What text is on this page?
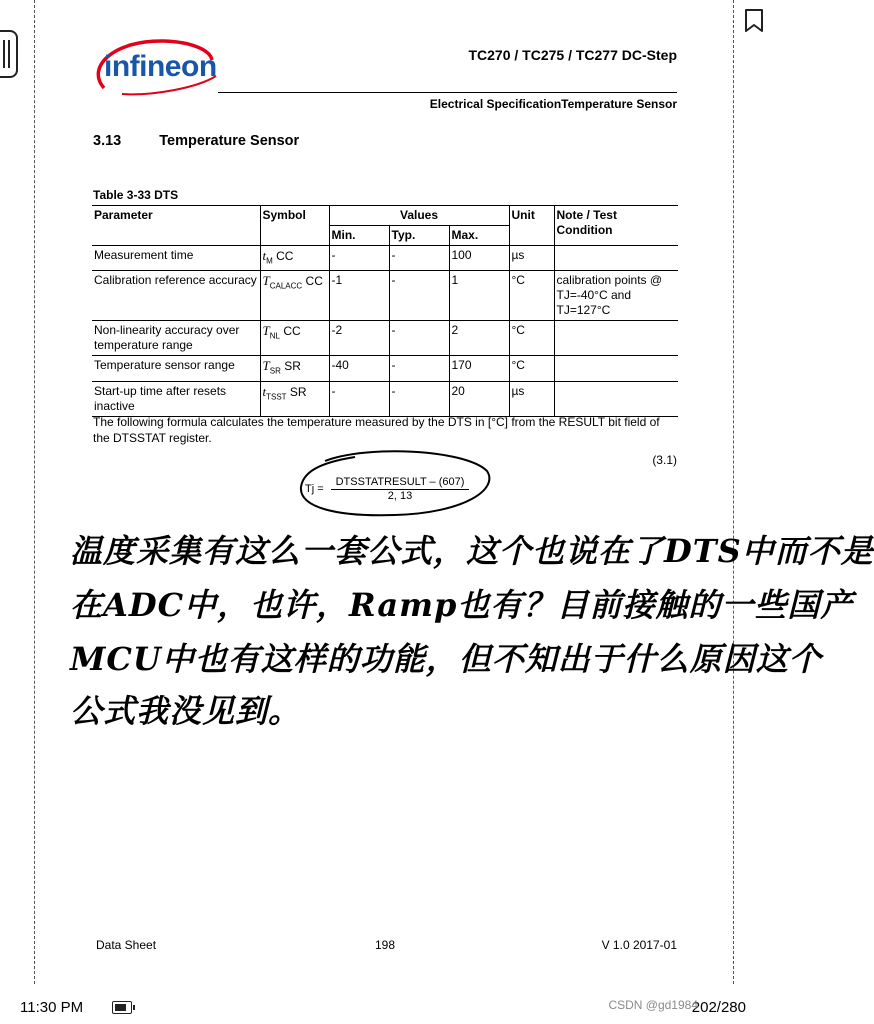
infineon	TC270 / TC275 / TC277 DC-Step
Electrical SpecificationTemperature Sensor
3.13	Temperature Sensor
Table 3-33 DTS
Parameter	Symbol	Values			Unit	Note / Test Condition
		Min.	Typ.	Max.		
Measurement time	$t_M$ CC	-	-	100	µs	
Calibration reference accuracy	$T_{CALACC}$ CC	-1	-	1	°C	calibration points @ TJ=-40°C and TJ=127°C
Non-linearity accuracy over temperature range	$T_{NL}$ CC	-2	-	2	°C	
Temperature sensor range	$T_{SR}$ SR	-40	-	170	°C	
Start-up time after resets inactive	$t_{TSST}$ SR	-	-	20	µs	
The following formula calculates the temperature measured by the DTS in [°C] from the RESULT bit field of the DTSSTAT register.
(3.1)
Tj =
DTSSTATRESULT – (607)
2, 13
温度采集有这么一套公式，这个也说在了DTS中而不是
在ADC中，也许，Ramp也有？目前接触的一些国产
MCU中也有这样的功能，但不知出于什么原因这个
公式我没见到。
Data Sheet	198	V 1.0 2017-01
11:30 PM	202/280
CSDN @gd1984
